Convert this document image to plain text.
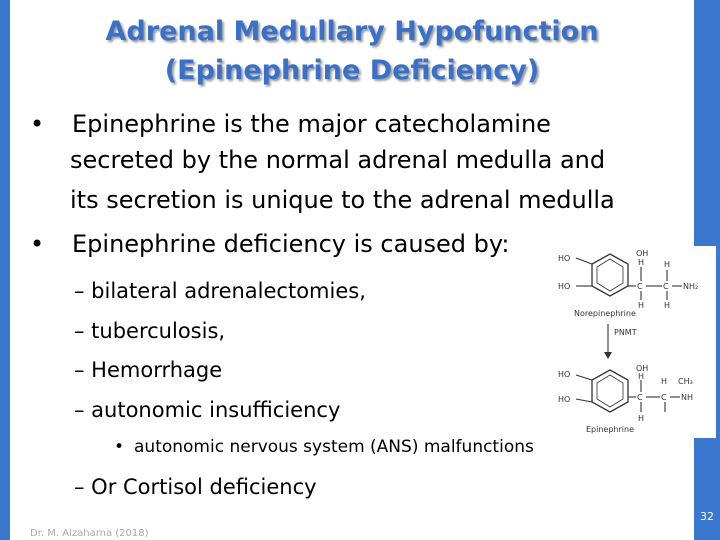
Adrenal Medullary Hypofunction
(Epinephrine Deficiency)
• Epinephrine is the major catecholamine
secreted by the normal adrenal medulla and
its secretion is unique to the adrenal medulla
• Epinephrine deficiency is caused by:
– bilateral adrenalectomies,
– tuberculosis,
– Hemorrhage
– autonomic insufficiency
• autonomic nervous system (ANS) malfunctions
– Or Cortisol deficiency
Dr. M. Alzaharna (2018)
HO
HO
OH
H H
C	C NH₂
H H
Norepinephrine
PNMT
HO
HO
OH
H
H CH₃
C C NH
H
Epinephrine
32
